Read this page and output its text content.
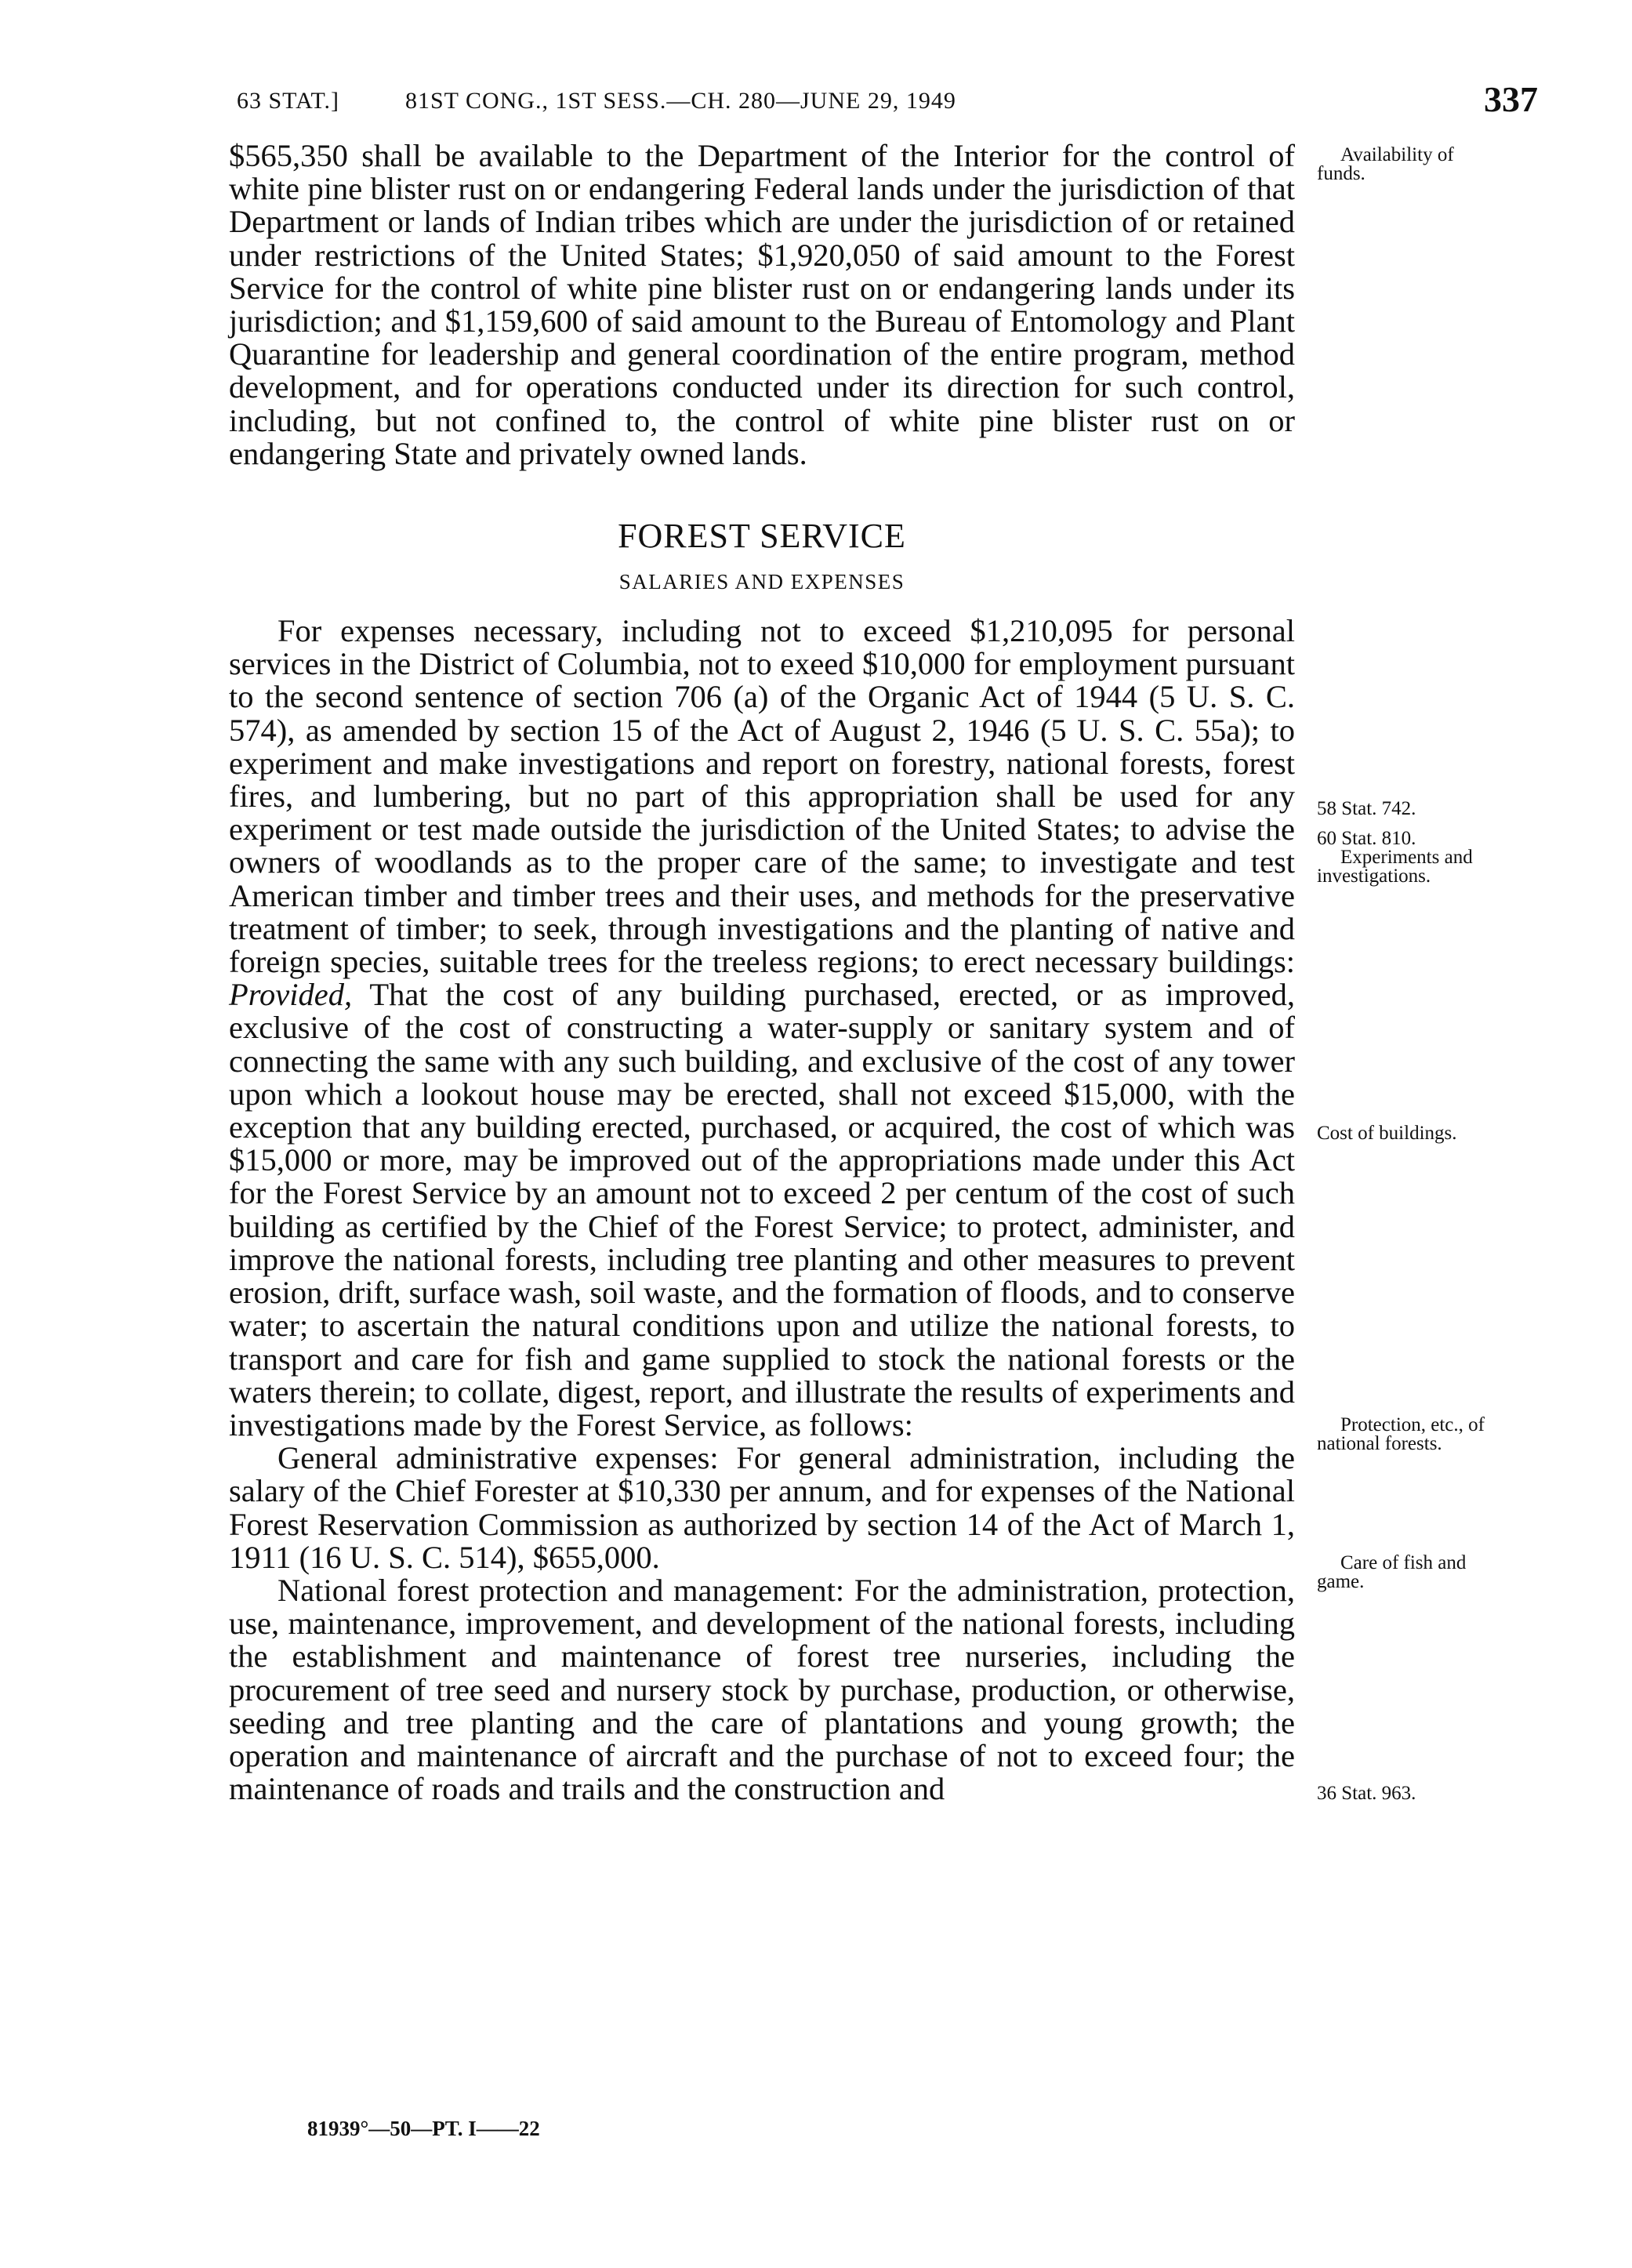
63 STAT.]	81ST CONG., 1ST SESS.—CH. 280—JUNE 29, 1949	337

$565,350 shall be available to the Department of the Interior for the control of white pine blister rust on or endangering Federal lands under the jurisdiction of that Department or lands of Indian tribes which are under the jurisdiction of or retained under restrictions of the United States; $1,920,050 of said amount to the Forest Service for the control of white pine blister rust on or endangering lands under its jurisdiction; and $1,159,600 of said amount to the Bureau of Entomology and Plant Quarantine for leadership and general coordination of the entire program, method development, and for operations conducted under its direction for such control, including, but not confined to, the control of white pine blister rust on or endangering State and privately owned lands.

FOREST SERVICE
SALARIES AND EXPENSES

For expenses necessary, including not to exceed $1,210,095 for personal services in the District of Columbia, not to exeed $10,000 for employment pursuant to the second sentence of section 706 (a) of the Organic Act of 1944 (5 U. S. C. 574), as amended by section 15 of the Act of August 2, 1946 (5 U. S. C. 55a); to experiment and make investigations and report on forestry, national forests, forest fires, and lumbering, but no part of this appropriation shall be used for any experiment or test made outside the jurisdiction of the United States; to advise the owners of woodlands as to the proper care of the same; to investigate and test American timber and timber trees and their uses, and methods for the preservative treatment of timber; to seek, through investigations and the planting of native and foreign species, suitable trees for the treeless regions; to erect necessary buildings: Provided, That the cost of any building purchased, erected, or as improved, exclusive of the cost of constructing a water-supply or sanitary system and of connecting the same with any such building, and exclusive of the cost of any tower upon which a lookout house may be erected, shall not exceed $15,000, with the exception that any building erected, purchased, or acquired, the cost of which was $15,000 or more, may be improved out of the appropriations made under this Act for the Forest Service by an amount not to exceed 2 per centum of the cost of such building as certified by the Chief of the Forest Service; to protect, administer, and improve the national forests, including tree planting and other measures to prevent erosion, drift, surface wash, soil waste, and the formation of floods, and to conserve water; to ascertain the natural conditions upon and utilize the national forests, to transport and care for fish and game supplied to stock the national forests or the waters therein; to collate, digest, report, and illustrate the results of experiments and investigations made by the Forest Service, as follows:

General administrative expenses: For general administration, including the salary of the Chief Forester at $10,330 per annum, and for expenses of the National Forest Reservation Commission as authorized by section 14 of the Act of March 1, 1911 (16 U. S. C. 514), $655,000.

National forest protection and management: For the administration, protection, use, maintenance, improvement, and development of the national forests, including the establishment and maintenance of forest tree nurseries, including the procurement of tree seed and nursery stock by purchase, production, or otherwise, seeding and tree planting and the care of plantations and young growth; the operation and maintenance of aircraft and the purchase of not to exceed four; the maintenance of roads and trails and the construction and

Availability of
funds.
58 Stat. 742.
60 Stat. 810.
Experiments and
investigations.
Cost of buildings.
Protection, etc., of
national forests.
Care of fish and
game.
36 Stat. 963.
81939°—50—PT. I——22
